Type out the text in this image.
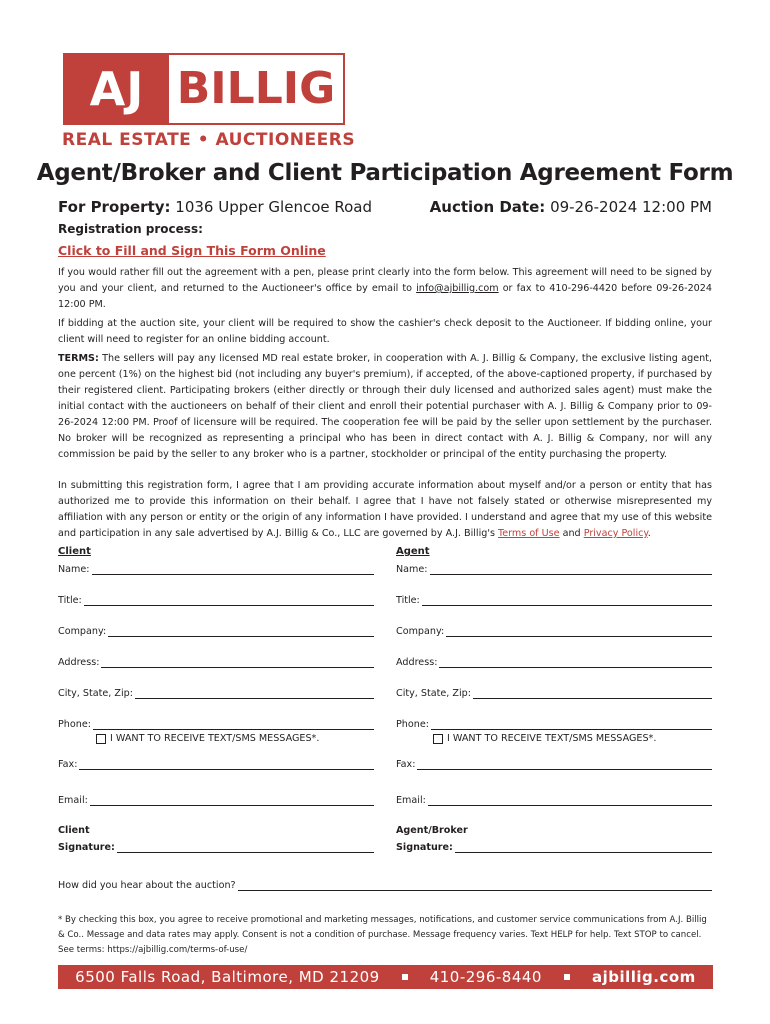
AJ BILLIG
REAL ESTATE • AUCTIONEERS
Agent/Broker and Client Participation Agreement Form
For Property: 1036 Upper Glencoe Road	Auction Date: 09-26-2024 12:00 PM
Registration process:
Click to Fill and Sign This Form Online
If you would rather fill out the agreement with a pen, please print clearly into the form below. This agreement will need to be signed by you and your client, and returned to the Auctioneer's office by email to info@ajbillig.com or fax to 410-296-4420 before 09-26-2024 12:00 PM.
If bidding at the auction site, your client will be required to show the cashier's check deposit to the Auctioneer. If bidding online, your client will need to register for an online bidding account.
TERMS: The sellers will pay any licensed MD real estate broker, in cooperation with A. J. Billig & Company, the exclusive listing agent, one percent (1%) on the highest bid (not including any buyer's premium), if accepted, of the above-captioned property, if purchased by their registered client. Participating brokers (either directly or through their duly licensed and authorized sales agent) must make the initial contact with the auctioneers on behalf of their client and enroll their potential purchaser with A. J. Billig & Company prior to 09-26-2024 12:00 PM. Proof of licensure will be required. The cooperation fee will be paid by the seller upon settlement by the purchaser. No broker will be recognized as representing a principal who has been in direct contact with A. J. Billig & Company, nor will any commission be paid by the seller to any broker who is a partner, stockholder or principal of the entity purchasing the property.
In submitting this registration form, I agree that I am providing accurate information about myself and/or a person or entity that has authorized me to provide this information on their behalf. I agree that I have not falsely stated or otherwise misrepresented my affiliation with any person or entity or the origin of any information I have provided. I understand and agree that my use of this website and participation in any sale advertised by A.J. Billig & Co., LLC are governed by A.J. Billig's Terms of Use and Privacy Policy.
Client
Name:
Title:
Company:
Address:
City, State, Zip:
Phone:
I WANT TO RECEIVE TEXT/SMS MESSAGES*.
Fax:
Email:
Client
Signature:
Agent
Name:
Title:
Company:
Address:
City, State, Zip:
Phone:
I WANT TO RECEIVE TEXT/SMS MESSAGES*.
Fax:
Email:
Agent/Broker
Signature:
How did you hear about the auction?
* By checking this box, you agree to receive promotional and marketing messages, notifications, and customer service communications from A.J. Billig & Co.. Message and data rates may apply. Consent is not a condition of purchase. Message frequency varies. Text HELP for help. Text STOP to cancel. See terms: https://ajbillig.com/terms-of-use/
6500 Falls Road, Baltimore, MD 21209	410-296-8440	ajbillig.com
